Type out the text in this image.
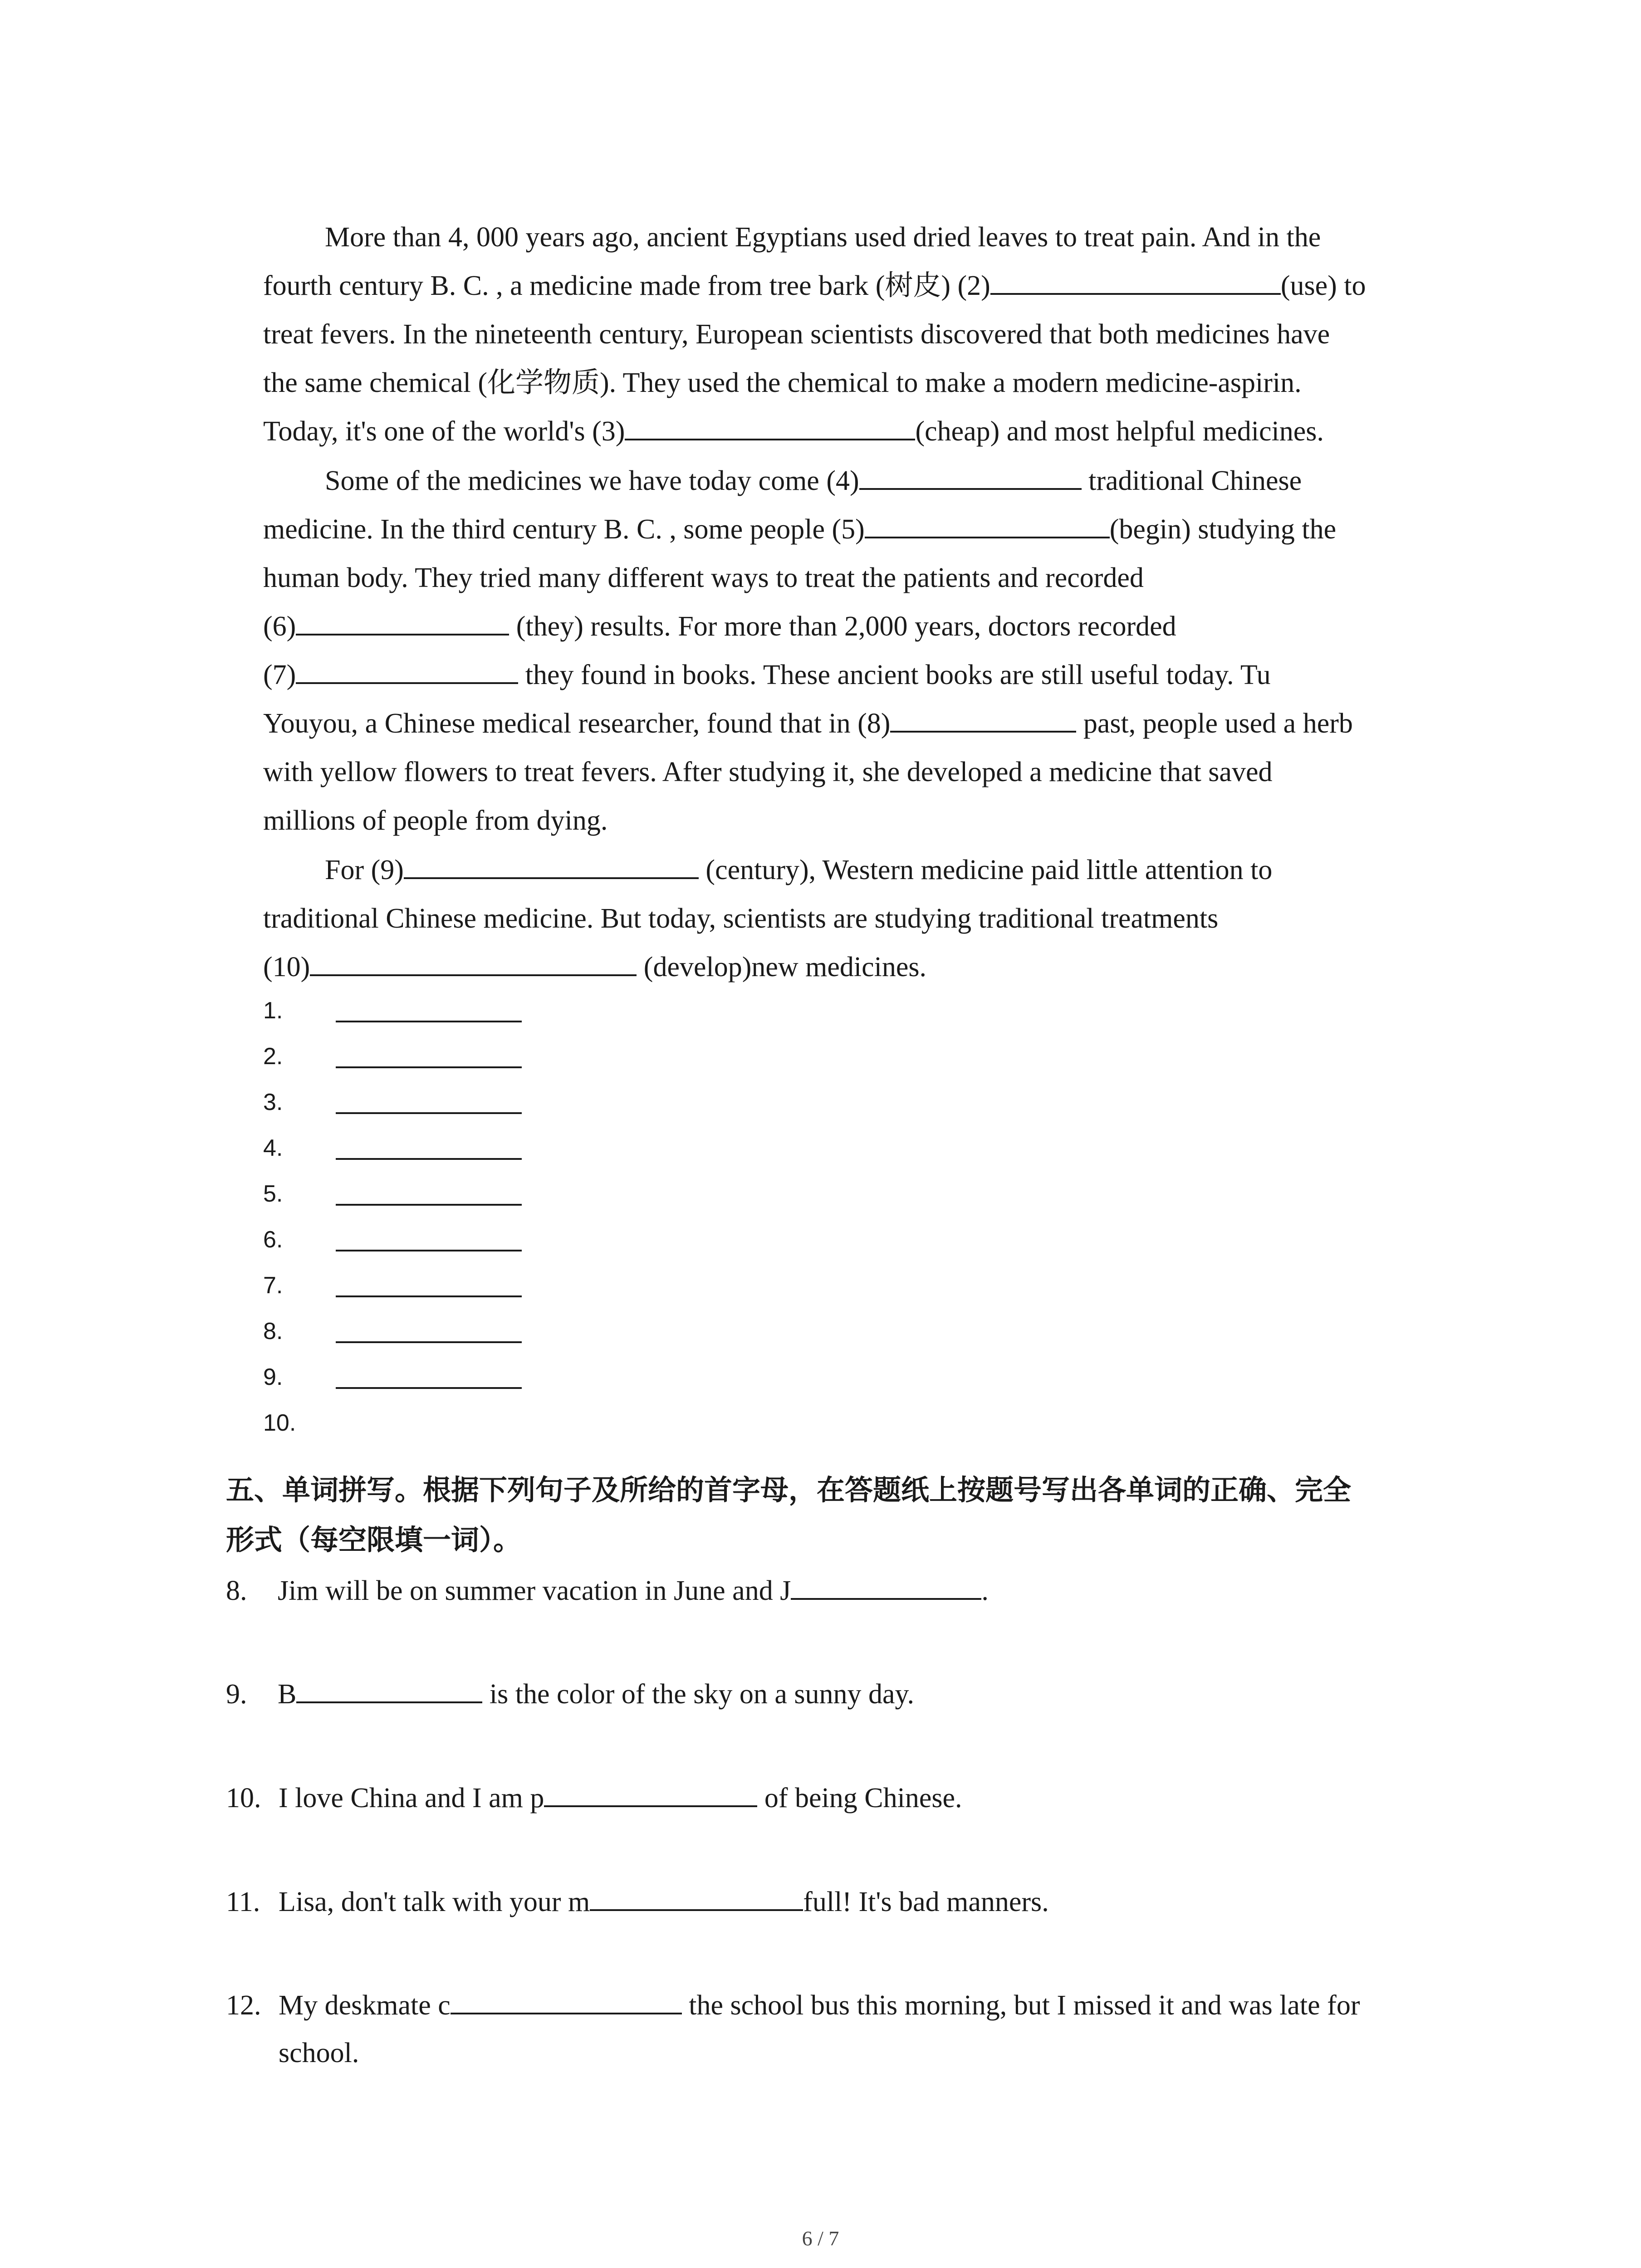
More than 4, 000 years ago, ancient Egyptians used dried leaves to treat pain. And in the
fourth century B. C. , a medicine made from tree bark (树皮) (2)	(use) to
treat fevers. In the nineteenth century, European scientists discovered that both medicines have
the same chemical (化学物质). They used the chemical to make a modern medicine-aspirin.
Today, it's one of the world's (3)	(cheap) and most helpful medicines.
Some of the medicines we have today come (4)	traditional Chinese
medicine. In the third century B. C. , some people (5)	(begin) studying the
human body. They tried many different ways to treat the patients and recorded
(6)	(they) results. For more than 2,000 years, doctors recorded
(7)	they found in books. These ancient books are still useful today. Tu
Youyou, a Chinese medical researcher, found that in (8)	past, people used a herb
with yellow flowers to treat fevers. After studying it, she developed a medicine that saved
millions of people from dying.
For (9)	(century), Western medicine paid little attention to
traditional Chinese medicine. But today, scientists are studying traditional treatments
(10)	(develop)new medicines.
1.
2.
3.
4.
5.
6.
7.
8.
9.
10.
五、单词拼写。根据下列句子及所给的首字母，在答题纸上按题号写出各单词的正确、完全
形式（每空限填一词）。
8. Jim will be on summer vacation in June and J	.
9. B	is the color of the sky on a sunny day.
10. I love China and I am p	of being Chinese.
11. Lisa, don't talk with your m	full! It's bad manners.
12. My deskmate c	the school bus this morning, but I missed it and was late for
school.
6 / 7
